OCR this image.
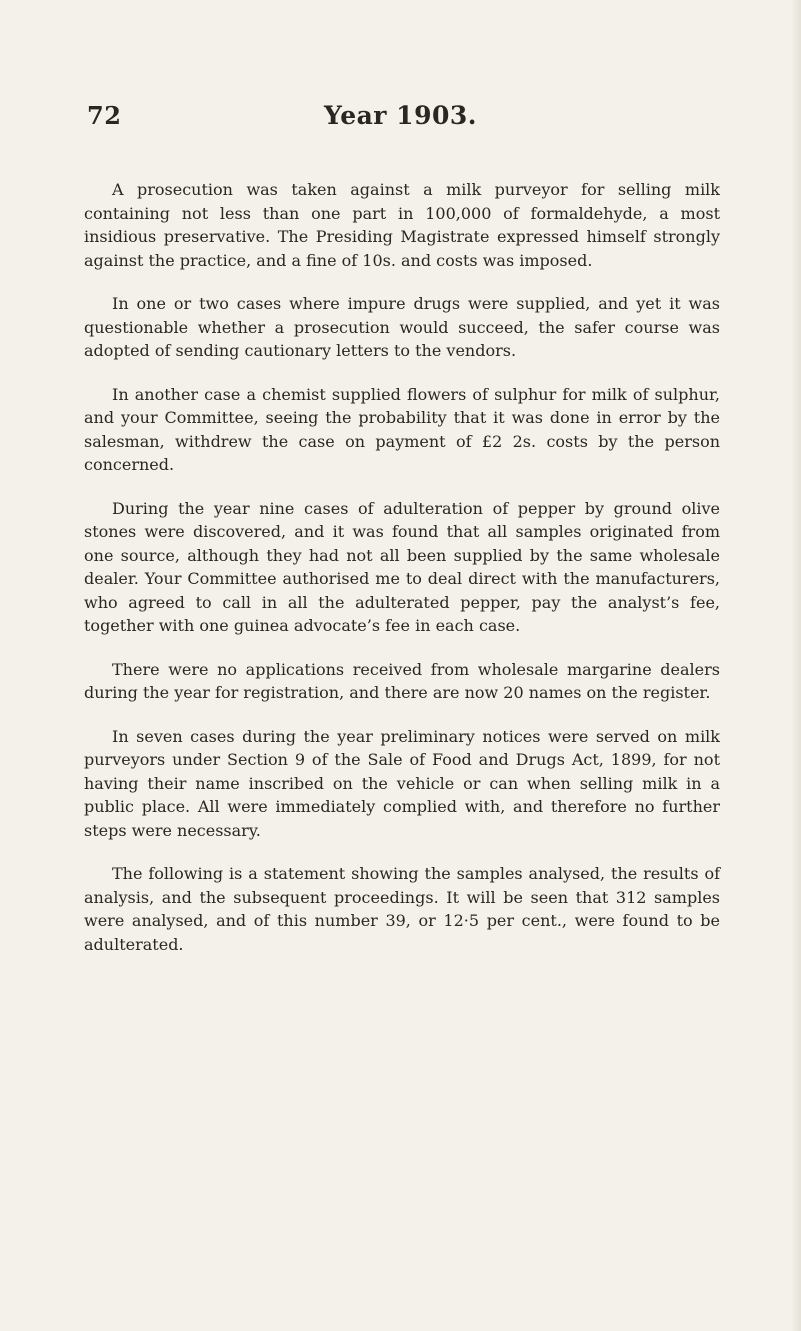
72	Year 1903.

A prosecution was taken against a milk purveyor for selling milk containing not less than one part in 100,000 of formaldehyde, a most insidious preservative. The Presiding Magistrate expressed himself strongly against the practice, and a fine of 10s. and costs was imposed.

In one or two cases where impure drugs were supplied, and yet it was questionable whether a prosecution would succeed, the safer course was adopted of sending cautionary letters to the vendors.

In another case a chemist supplied flowers of sulphur for milk of sulphur, and your Committee, seeing the probability that it was done in error by the salesman, withdrew the case on payment of £2 2s. costs by the person concerned.

During the year nine cases of adulteration of pepper by ground olive stones were discovered, and it was found that all samples originated from one source, although they had not all been supplied by the same wholesale dealer. Your Committee authorised me to deal direct with the manufacturers, who agreed to call in all the adulterated pepper, pay the analyst’s fee, together with one guinea advocate’s fee in each case.

There were no applications received from wholesale margarine dealers during the year for registration, and there are now 20 names on the register.

In seven cases during the year preliminary notices were served on milk purveyors under Section 9 of the Sale of Food and Drugs Act, 1899, for not having their name inscribed on the vehicle or can when selling milk in a public place. All were immediately complied with, and therefore no further steps were necessary.

The following is a statement showing the samples analysed, the results of analysis, and the subsequent proceedings. It will be seen that 312 samples were analysed, and of this number 39, or 12·5 per cent., were found to be adulterated.
